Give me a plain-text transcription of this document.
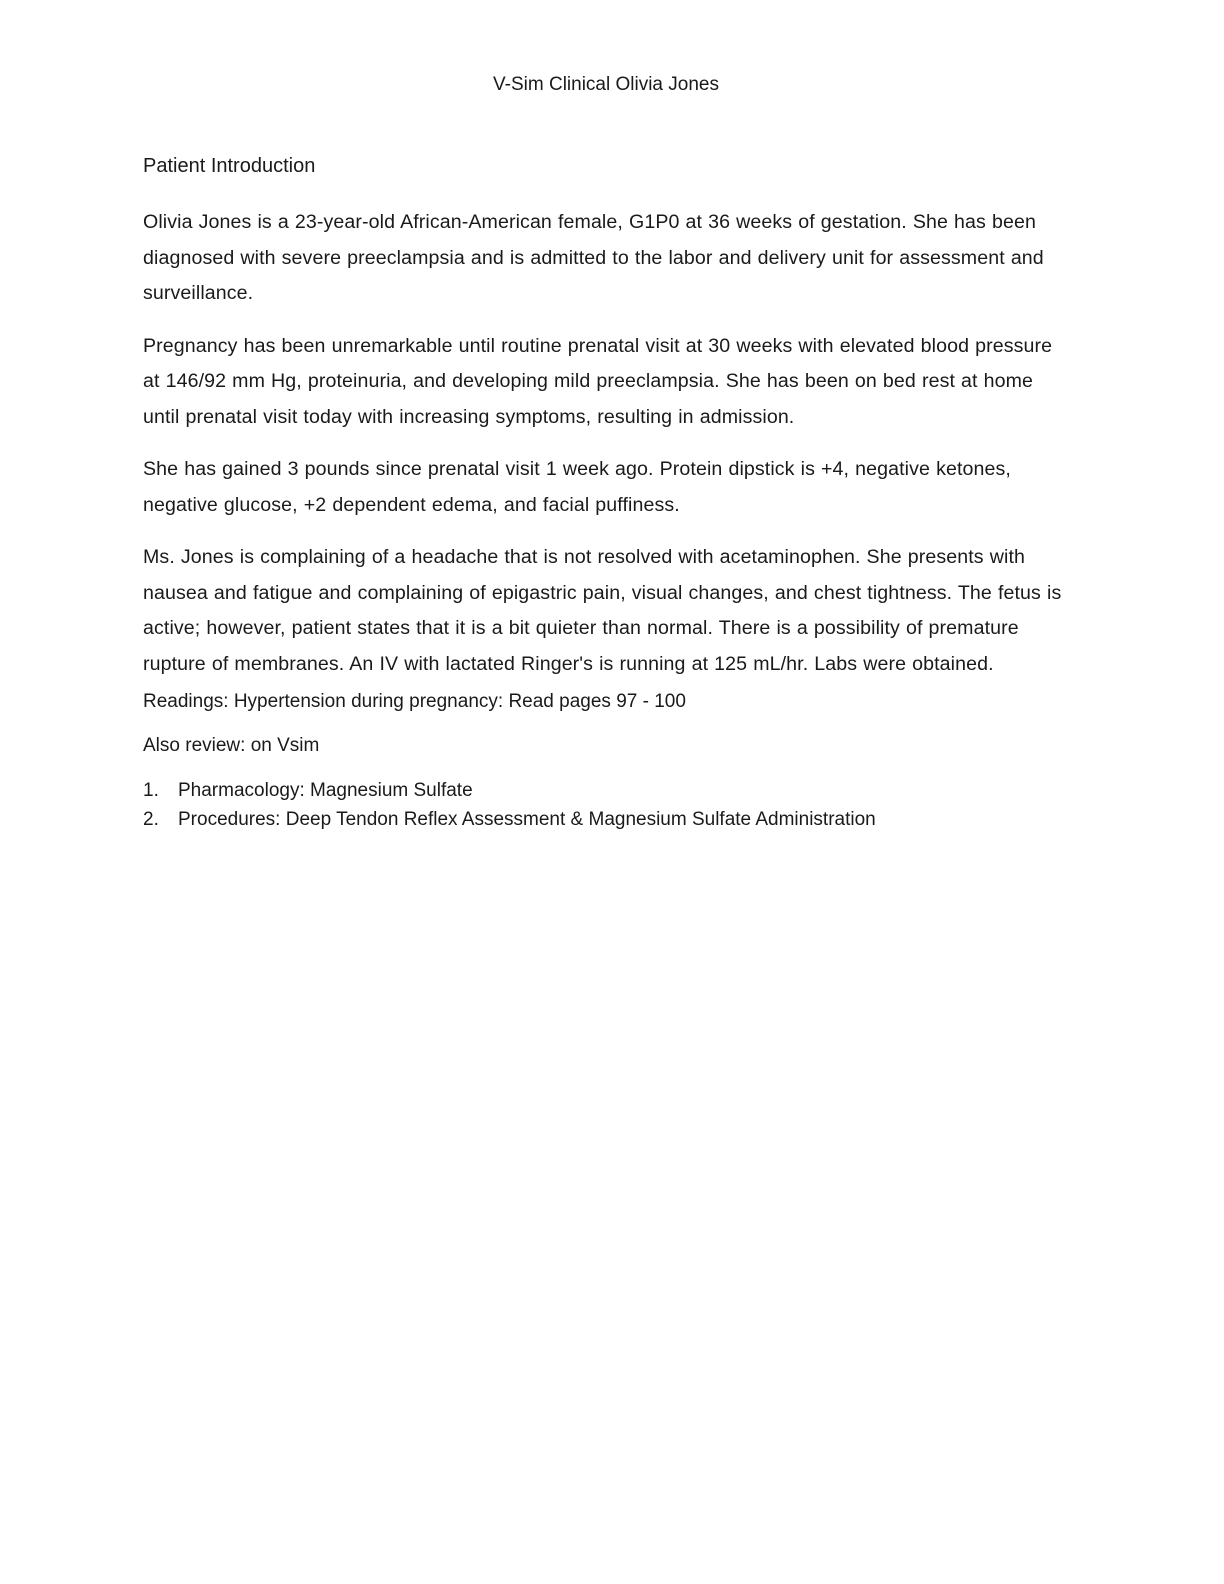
V-Sim Clinical Olivia Jones
Patient Introduction

Olivia Jones is a 23-year-old African-American female, G1P0 at 36 weeks of gestation. She has been diagnosed with severe preeclampsia and is admitted to the labor and delivery unit for assessment and surveillance.

Pregnancy has been unremarkable until routine prenatal visit at 30 weeks with elevated blood pressure at 146/92 mm Hg, proteinuria, and developing mild preeclampsia. She has been on bed rest at home until prenatal visit today with increasing symptoms, resulting in admission.

She has gained 3 pounds since prenatal visit 1 week ago. Protein dipstick is +4, negative ketones, negative glucose, +2 dependent edema, and facial puffiness.

Ms. Jones is complaining of a headache that is not resolved with acetaminophen. She presents with nausea and fatigue and complaining of epigastric pain, visual changes, and chest tightness. The fetus is active; however, patient states that it is a bit quieter than normal. There is a possibility of premature rupture of membranes. An IV with lactated Ringer's is running at 125 mL/hr. Labs were obtained.

Readings: Hypertension during pregnancy: Read pages 97 - 100

Also review: on Vsim

1.	Pharmacology: Magnesium Sulfate
2.	Procedures: Deep Tendon Reflex Assessment & Magnesium Sulfate Administration
